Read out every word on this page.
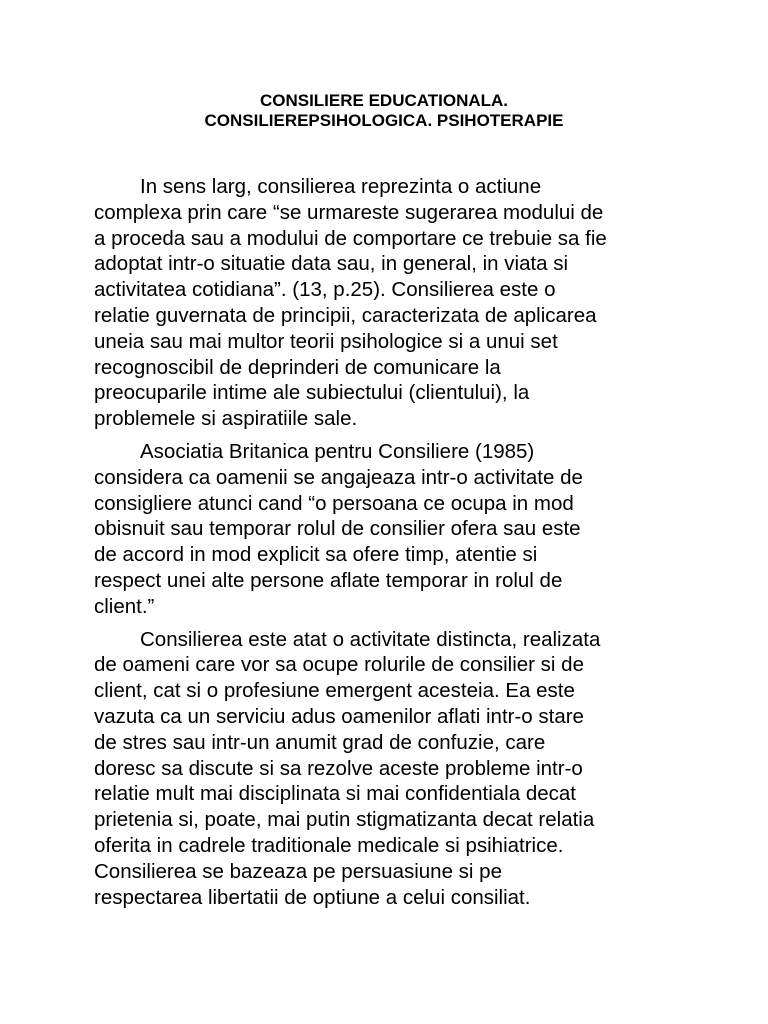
CONSILIERE EDUCATIONALA.
CONSILIEREPSIHOLOGICA. PSIHOTERAPIE

In sens larg, consilierea reprezinta o actiune
complexa prin care “se urmareste sugerarea modului de
a proceda sau a modului de comportare ce trebuie sa fie
adoptat intr-o situatie data sau, in general, in viata si
activitatea cotidiana”. (13, p.25). Consilierea este o
relatie guvernata de principii, caracterizata de aplicarea
uneia sau mai multor teorii psihologice si a unui set
recognoscibil de deprinderi de comunicare la
preocuparile intime ale subiectului (clientului), la
problemele si aspiratiile sale.

Asociatia Britanica pentru Consiliere (1985)
considera ca oamenii se angajeaza intr-o activitate de
consigliere atunci cand “o persoana ce ocupa in mod
obisnuit sau temporar rolul de consilier ofera sau este
de accord in mod explicit sa ofere timp, atentie si
respect unei alte persone aflate temporar in rolul de
client.”

Consilierea este atat o activitate distincta, realizata
de oameni care vor sa ocupe rolurile de consilier si de
client, cat si o profesiune emergent acesteia. Ea este
vazuta ca un serviciu adus oamenilor aflati intr-o stare
de stres sau intr-un anumit grad de confuzie, care
doresc sa discute si sa rezolve aceste probleme intr-o
relatie mult mai disciplinata si mai confidentiala decat
prietenia si, poate, mai putin stigmatizanta decat relatia
oferita in cadrele traditionale medicale si psihiatrice.
Consilierea se bazeaza pe persuasiune si pe
respectarea libertatii de optiune a celui consiliat.
